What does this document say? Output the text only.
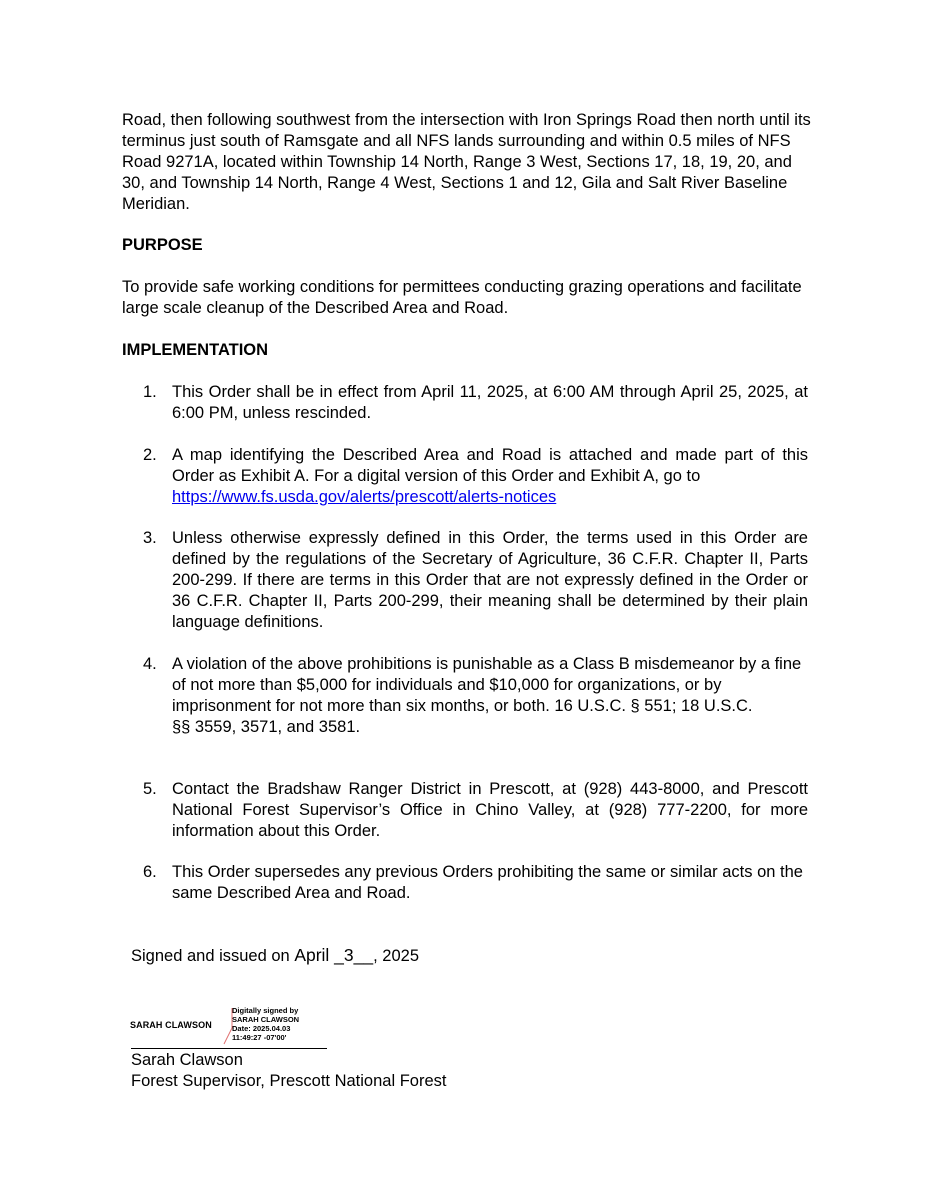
Road, then following southwest from the intersection with Iron Springs Road then north until its terminus just south of Ramsgate and all NFS lands surrounding and within 0.5 miles of NFS Road 9271A, located within Township 14 North, Range 3 West, Sections 17, 18, 19, 20, and 30, and Township 14 North, Range 4 West, Sections 1 and 12, Gila and Salt River Baseline Meridian.

PURPOSE

To provide safe working conditions for permittees conducting grazing operations and facilitate large scale cleanup of the Described Area and Road.

IMPLEMENTATION

1. This Order shall be in effect from April 11, 2025, at 6:00 AM through April 25, 2025, at 6:00 PM, unless rescinded.
2. A map identifying the Described Area and Road is attached and made part of this Order as Exhibit A. For a digital version of this Order and Exhibit A, go to
https://www.fs.usda.gov/alerts/prescott/alerts-notices
3. Unless otherwise expressly defined in this Order, the terms used in this Order are defined by the regulations of the Secretary of Agriculture, 36 C.F.R. Chapter II, Parts 200-299. If there are terms in this Order that are not expressly defined in the Order or 36 C.F.R. Chapter II, Parts 200-299, their meaning shall be determined by their plain language definitions.
4. A violation of the above prohibitions is punishable as a Class B misdemeanor by a fine of not more than $5,000 for individuals and $10,000 for organizations, or by imprisonment for not more than six months, or both. 16 U.S.C. § 551; 18 U.S.C.
§§ 3559, 3571, and 3581.
5. Contact the Bradshaw Ranger District in Prescott, at (928) 443-8000, and Prescott National Forest Supervisor’s Office in Chino Valley, at (928) 777-2200, for more information about this Order.
6. This Order supersedes any previous Orders prohibiting the same or similar acts on the same Described Area and Road.
Signed and issued on April _3__, 2025
SARAH CLAWSON
Digitally signed by
SARAH CLAWSON
Date: 2025.04.03
11:49:27 -07'00'
Sarah Clawson
Forest Supervisor, Prescott National Forest
